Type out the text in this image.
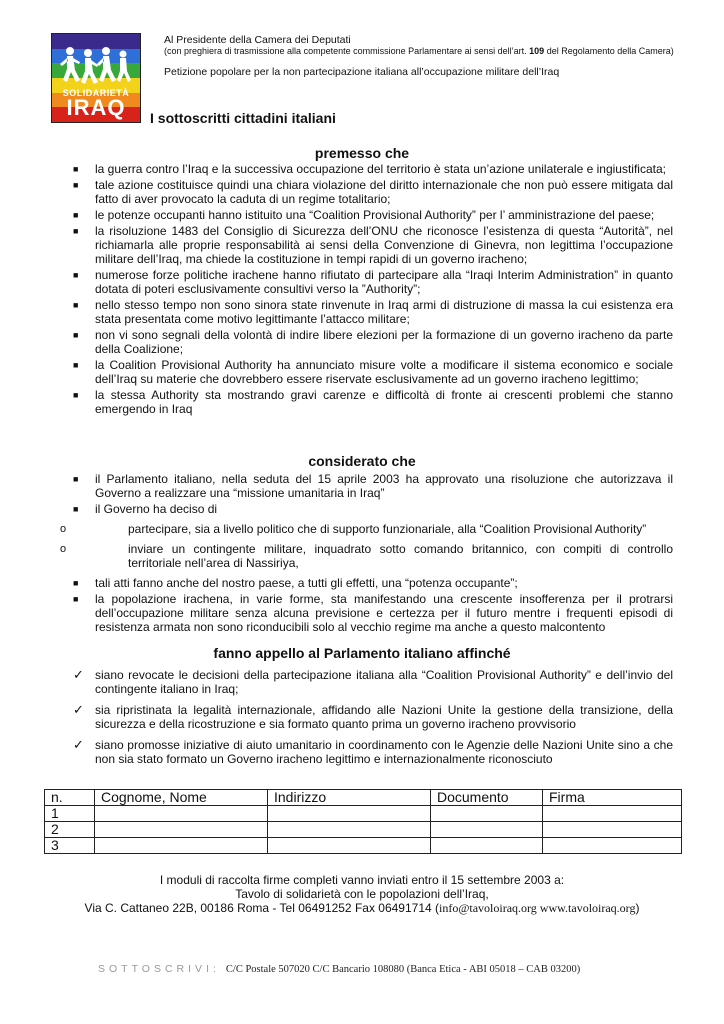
SOLIDARIETÀ
IRAQ
Al Presidente della Camera dei Deputati
(con preghiera di trasmissione alla competente commissione Parlamentare ai sensi dell’art. 109 del Regolamento della Camera)
Petizione popolare per la non partecipazione italiana all’occupazione militare dell’Iraq
I sottoscritti cittadini italiani
premesso che
■	la guerra contro l’Iraq e la successiva occupazione del territorio è stata un’azione unilaterale e ingiustificata;
■	tale azione costituisce quindi una chiara violazione del diritto internazionale che non può essere mitigata dal fatto di aver provocato la caduta di un regime totalitario;
■	le potenze occupanti hanno istituito una “Coalition Provisional Authority” per l’ amministrazione del paese;
■	la risoluzione 1483 del Consiglio di Sicurezza dell’ONU che riconosce l’esistenza di questa “Autorità”, nel richiamarla alle proprie responsabilità ai sensi della Convenzione di Ginevra, non legittima l’occupazione militare dell’Iraq, ma chiede la costituzione in tempi rapidi di un governo iracheno;
■	numerose forze politiche irachene hanno rifiutato di partecipare alla “Iraqi Interim Administration” in quanto dotata di poteri esclusivamente consultivi verso la ”Authority”;
■	nello stesso tempo non sono sinora state rinvenute in Iraq armi di distruzione di massa la cui esistenza era stata presentata come motivo legittimante l’attacco militare;
■	non vi sono segnali della volontà di indire libere elezioni per la formazione di un governo iracheno da parte della Coalizione;
■	la Coalition Provisional Authority ha annunciato misure volte a modificare il sistema economico e sociale dell’Iraq su materie che dovrebbero essere riservate esclusivamente ad un governo iracheno legittimo;
■	la stessa Authority sta mostrando gravi carenze e difficoltà di fronte ai crescenti problemi che stanno emergendo in Iraq
considerato che
■	il Parlamento italiano, nella seduta del 15 aprile 2003 ha approvato una risoluzione che autorizzava il Governo a realizzare una “missione umanitaria in Iraq”
■	il Governo ha deciso di
o	partecipare, sia a livello politico che di supporto funzionariale, alla “Coalition Provisional Authority”
o	inviare un contingente militare, inquadrato sotto comando britannico, con compiti di controllo territoriale nell’area di Nassiriya,
■	tali atti fanno anche del nostro paese, a tutti gli effetti, una “potenza occupante”;
■	la popolazione irachena, in varie forme, sta manifestando una crescente insofferenza per il protrarsi dell’occupazione militare senza alcuna previsione e certezza per il futuro mentre i frequenti episodi di resistenza armata non sono riconducibili solo al vecchio regime ma anche a questo malcontento
fanno appello al Parlamento italiano affinché
✓ siano revocate le decisioni della partecipazione italiana alla “Coalition Provisional Authority” e dell’invio del contingente italiano in Iraq;
✓ sia ripristinata la legalità internazionale, affidando alle Nazioni Unite la gestione della transizione, della sicurezza e della ricostruzione e sia formato quanto prima un governo iracheno provvisorio
✓ siano promosse iniziative di aiuto umanitario in coordinamento con le Agenzie delle Nazioni Unite sino a che non sia stato formato un Governo iracheno legittimo e internazionalmente riconosciuto
n.	Cognome, Nome	Indirizzo	Documento	Firma
1				
2				
3				
I moduli di raccolta firme completi vanno inviati entro il 15 settembre 2003 a:
Tavolo di solidarietà con le popolazioni dell’Iraq,
Via C. Cattaneo 22B, 00186 Roma - Tel 06491252 Fax 06491714 (info@tavoloiraq.org www.tavoloiraq.org)
SOTTOSCRIVI: C/C Postale 507020 C/C Bancario 108080 (Banca Etica - ABI 05018 – CAB 03200)
